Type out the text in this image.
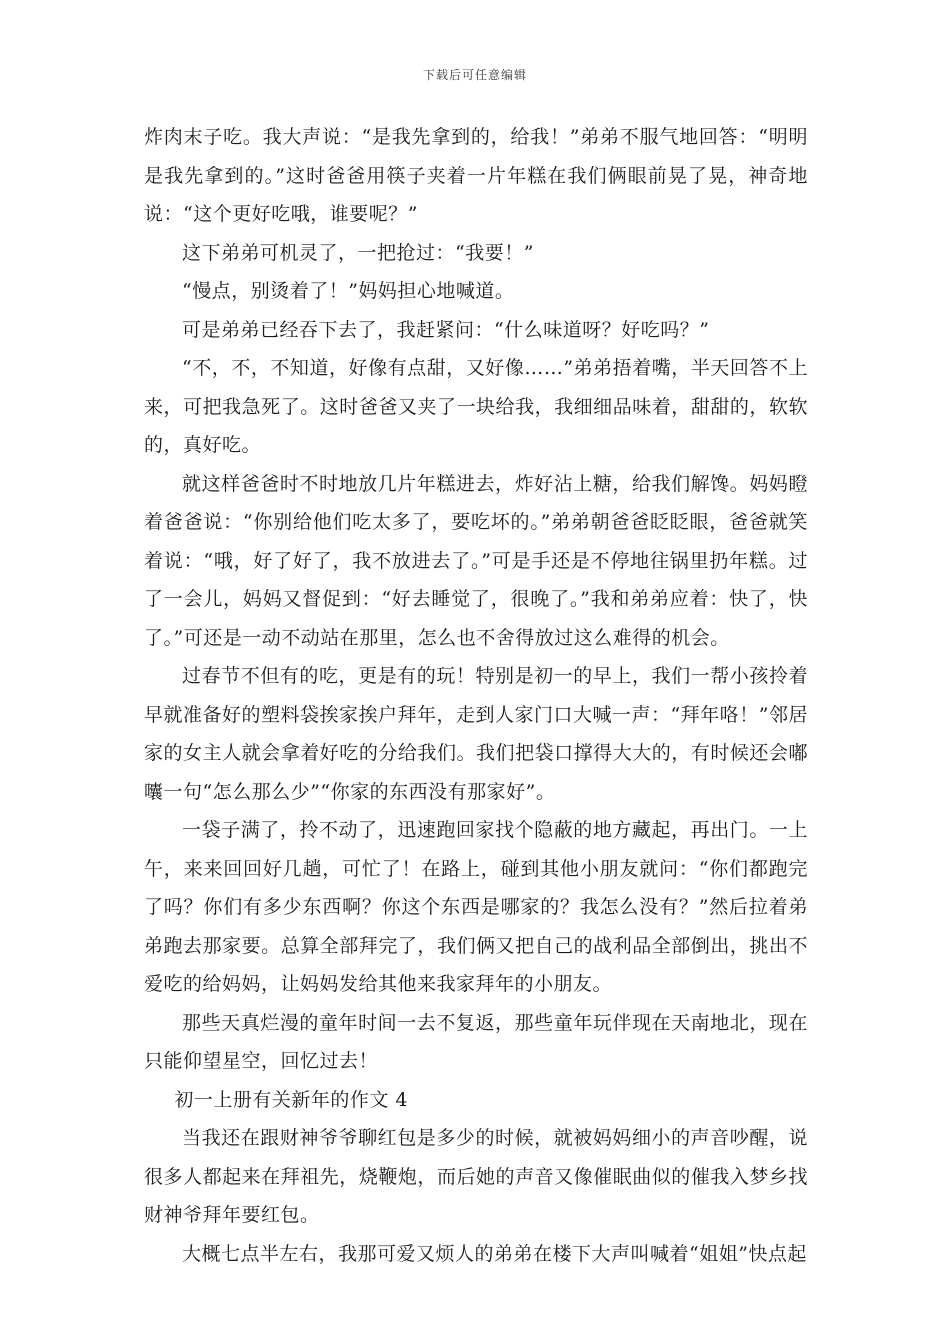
下载后可任意编辑

炸肉末子吃。我大声说：“是我先拿到的，给我！”弟弟不服气地回答：“明明是我先拿到的。”这时爸爸用筷子夹着一片年糕在我们俩眼前晃了晃，神奇地说：“这个更好吃哦，谁要呢？”

这下弟弟可机灵了，一把抢过：“我要！”

“慢点，别烫着了！”妈妈担心地喊道。

可是弟弟已经吞下去了，我赶紧问：“什么味道呀？好吃吗？”

“不，不，不知道，好像有点甜，又好像……”弟弟捂着嘴，半天回答不上来，可把我急死了。这时爸爸又夹了一块给我，我细细品味着，甜甜的，软软的，真好吃。

就这样爸爸时不时地放几片年糕进去，炸好沾上糖，给我们解馋。妈妈瞪着爸爸说：“你别给他们吃太多了，要吃坏的。”弟弟朝爸爸眨眨眼，爸爸就笑着说：“哦，好了好了，我不放进去了。”可是手还是不停地往锅里扔年糕。过了一会儿，妈妈又督促到：“好去睡觉了，很晚了。”我和弟弟应着：快了，快了。”可还是一动不动站在那里，怎么也不舍得放过这么难得的机会。

过春节不但有的吃，更是有的玩！特别是初一的早上，我们一帮小孩拎着早就准备好的塑料袋挨家挨户拜年，走到人家门口大喊一声：“拜年咯！”邻居家的女主人就会拿着好吃的分给我们。我们把袋口撑得大大的，有时候还会嘟囔一句“怎么那么少”“你家的东西没有那家好”。

一袋子满了，拎不动了，迅速跑回家找个隐蔽的地方藏起，再出门。一上午，来来回回好几趟，可忙了！在路上，碰到其他小朋友就问：“你们都跑完了吗？你们有多少东西啊？你这个东西是哪家的？我怎么没有？”然后拉着弟弟跑去那家要。总算全部拜完了，我们俩又把自己的战利品全部倒出，挑出不爱吃的给妈妈，让妈妈发给其他来我家拜年的小朋友。

那些天真烂漫的童年时间一去不复返，那些童年玩伴现在天南地北，现在只能仰望星空，回忆过去！

初一上册有关新年的作文 4

当我还在跟财神爷爷聊红包是多少的时候，就被妈妈细小的声音吵醒，说很多人都起来在拜祖先，烧鞭炮，而后她的声音又像催眠曲似的催我入梦乡找财神爷拜年要红包。

大概七点半左右，我那可爱又烦人的弟弟在楼下大声叫喊着“姐姐”快点起
